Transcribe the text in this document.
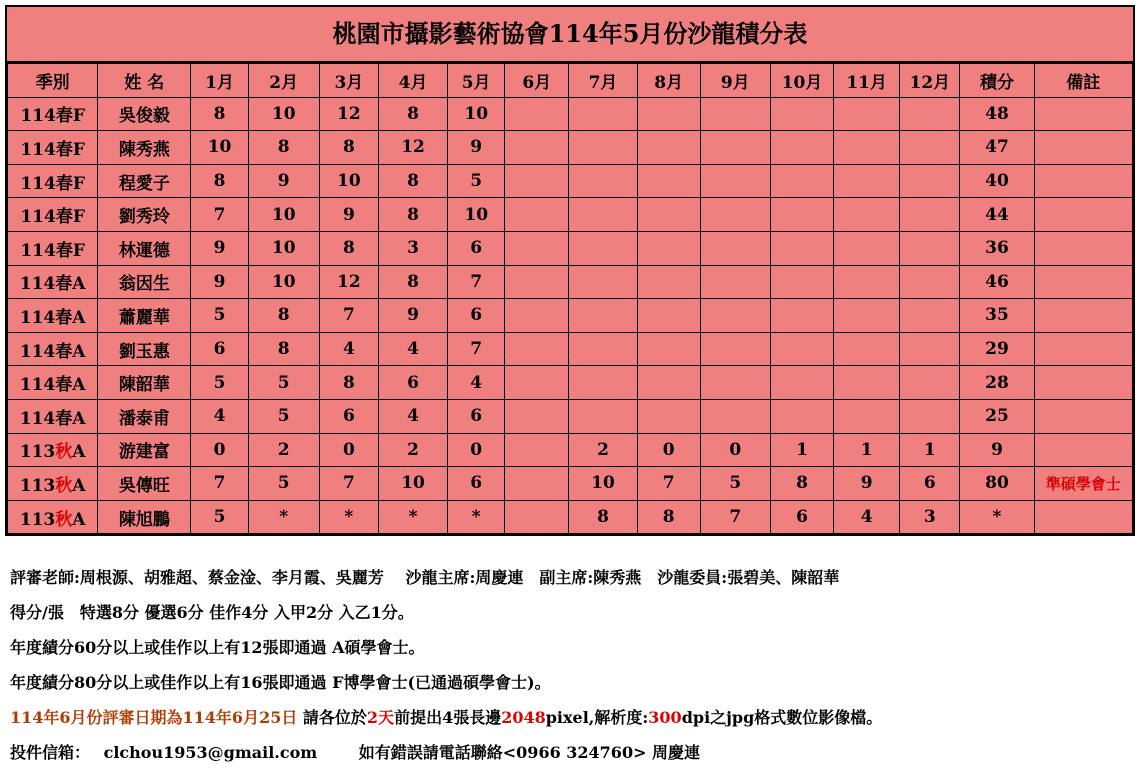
桃園市攝影藝術協會114年5月份沙龍積分表
季別	姓 名	1月	2月	3月	4月	5月	6月	7月	8月	9月	10月	11月	12月	積分	備註
114春F	吳俊毅	8	10	12	8	10								48	
114春F	陳秀燕	10	8	8	12	9								47	
114春F	程愛子	8	9	10	8	5								40	
114春F	劉秀玲	7	10	9	8	10								44	
114春F	林運德	9	10	8	3	6								36	
114春A	翁因生	9	10	12	8	7								46	
114春A	蕭麗華	5	8	7	9	6								35	
114春A	劉玉惠	6	8	4	4	7								29	
114春A	陳韶華	5	5	8	6	4								28	
114春A	潘泰甫	4	5	6	4	6								25	
113秋A	游建富	0	2	0	2	0		2	0	0	1	1	1	9	
113秋A	吳傳旺	7	5	7	10	6		10	7	5	8	9	6	80	準碩學會士
113秋A	陳旭鵬	5	*	*	*	*		8	8	7	6	4	3	*	
評審老師:周根源、胡雅超、蔡金淦、李月霞、吳麗芳　 沙龍主席:周慶連　副主席:陳秀燕　沙龍委員:張碧美、陳韶華
得分/張　特選8分 優選6分 佳作4分 入甲2分 入乙1分。
年度績分60分以上或佳作以上有12張即通過 A碩學會士。
年度績分80分以上或佳作以上有16張即通過 F博學會士(已通過碩學會士)。
114年6月份評審日期為114年6月25日 請各位於2天前提出4張長邊2048pixel,解析度:300dpi之jpg格式數位影像檔。
投件信箱： clchou1953@gmail.com	如有錯誤請電話聯絡<0966 324760> 周慶連
